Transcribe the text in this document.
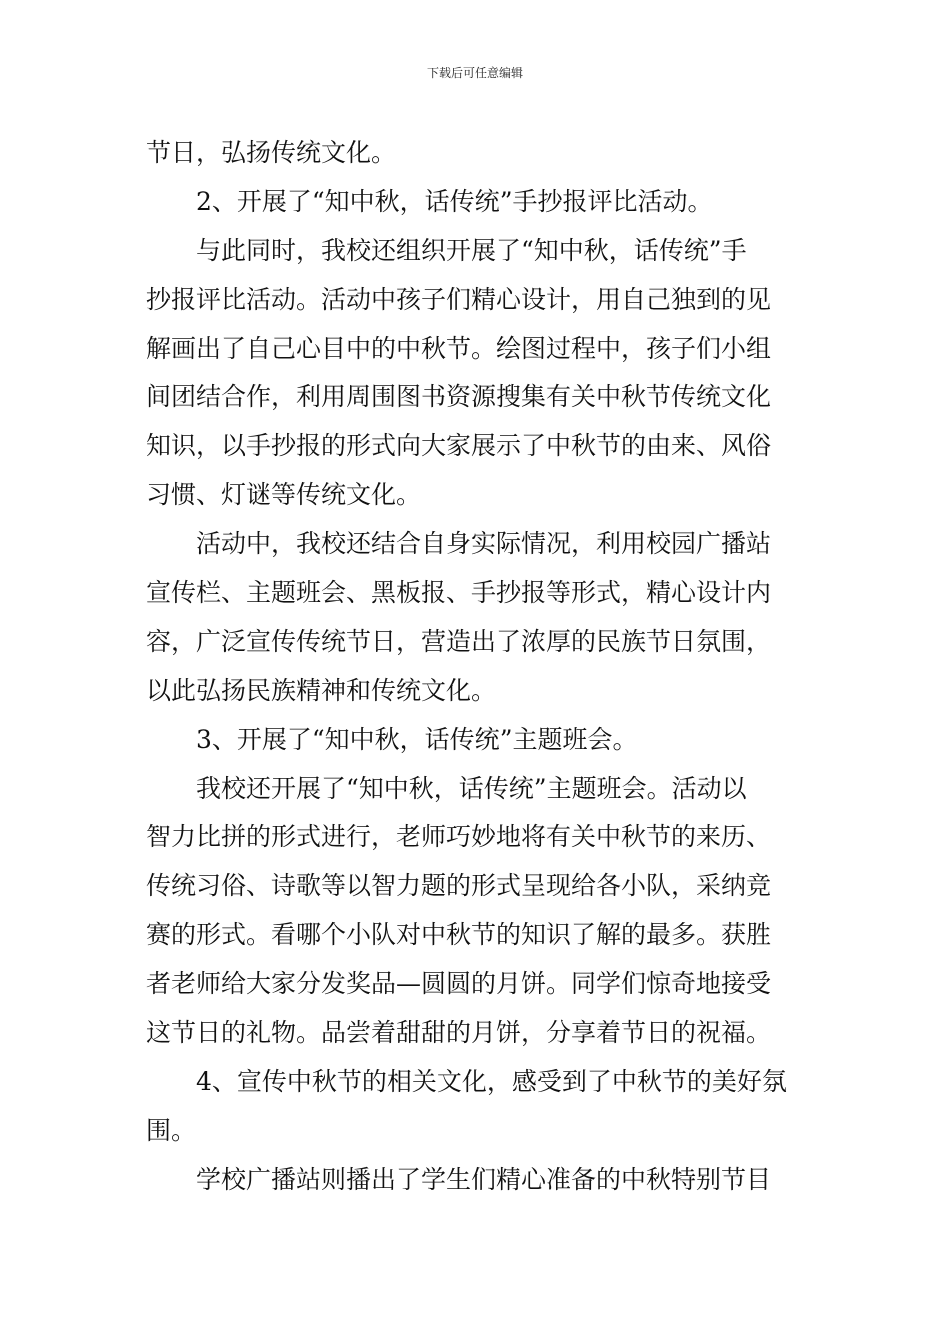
下载后可任意编辑
节日，弘扬传统文化。
2、开展了“知中秋，话传统”手抄报评比活动。
与此同时，我校还组织开展了“知中秋，话传统”手
抄报评比活动。活动中孩子们精心设计，用自己独到的见
解画出了自己心目中的中秋节。绘图过程中，孩子们小组
间团结合作，利用周围图书资源搜集有关中秋节传统文化
知识，以手抄报的形式向大家展示了中秋节的由来、风俗
习惯、灯谜等传统文化。
活动中，我校还结合自身实际情况，利用校园广播站
宣传栏、主题班会、黑板报、手抄报等形式，精心设计内
容，广泛宣传传统节日，营造出了浓厚的民族节日氛围，
以此弘扬民族精神和传统文化。
3、开展了“知中秋，话传统”主题班会。
我校还开展了“知中秋，话传统”主题班会。活动以
智力比拼的形式进行，老师巧妙地将有关中秋节的来历、
传统习俗、诗歌等以智力题的形式呈现给各小队，采纳竞
赛的形式。看哪个小队对中秋节的知识了解的最多。获胜
者老师给大家分发奖品—圆圆的月饼。同学们惊奇地接受
这节日的礼物。品尝着甜甜的月饼，分享着节日的祝福。
4、宣传中秋节的相关文化，感受到了中秋节的美好氛
围。
学校广播站则播出了学生们精心准备的中秋特别节目
